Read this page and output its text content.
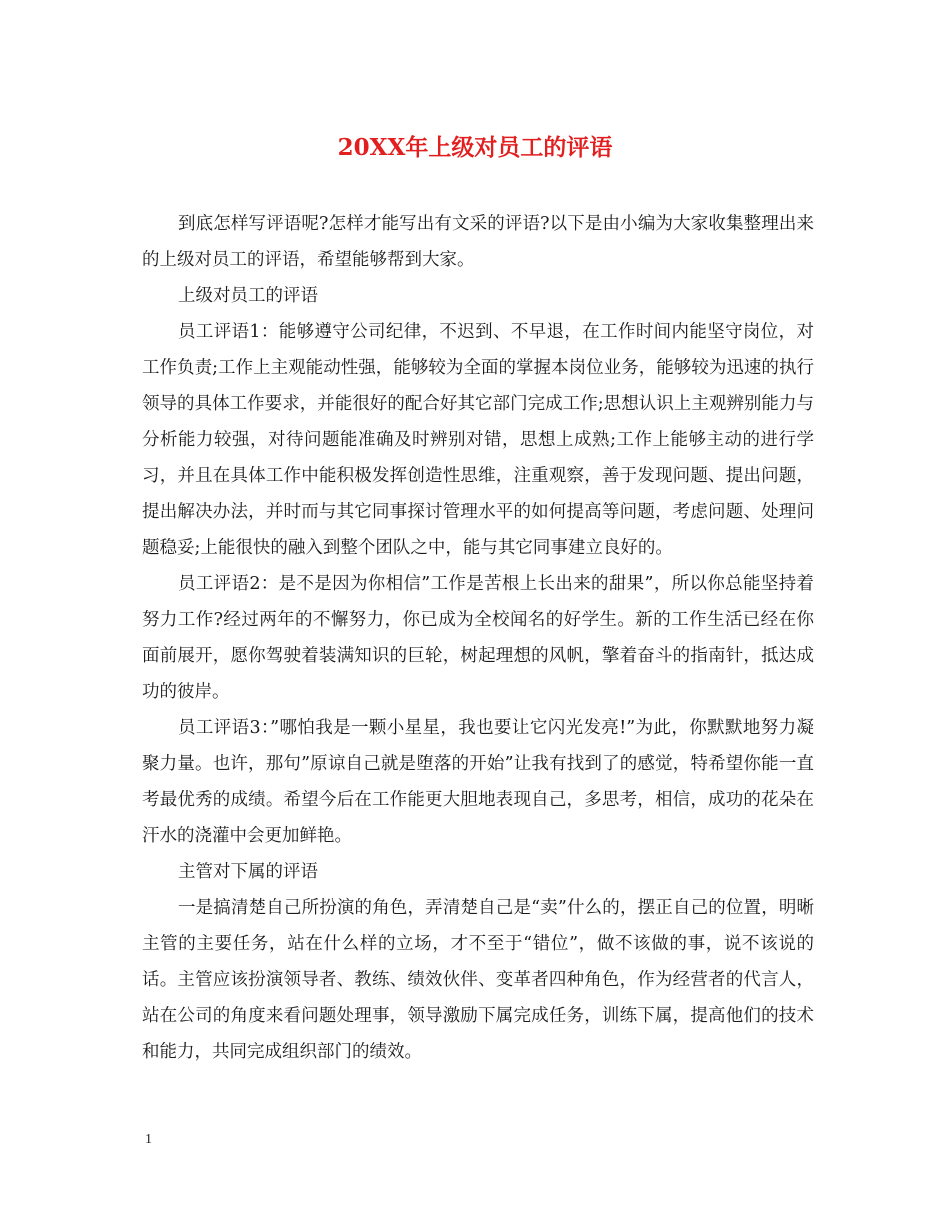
20XX年上级对员工的评语

到底怎样写评语呢?怎样才能写出有文采的评语?以下是由小编为大家收集整理出来的上级对员工的评语，希望能够帮到大家。

上级对员工的评语

员工评语1：能够遵守公司纪律，不迟到、不早退，在工作时间内能坚守岗位，对工作负责;工作上主观能动性强，能够较为全面的掌握本岗位业务，能够较为迅速的执行领导的具体工作要求，并能很好的配合好其它部门完成工作;思想认识上主观辨别能力与分析能力较强，对待问题能准确及时辨别对错，思想上成熟;工作上能够主动的进行学习，并且在具体工作中能积极发挥创造性思维，注重观察，善于发现问题、提出问题，提出解决办法，并时而与其它同事探讨管理水平的如何提高等问题，考虑问题、处理问题稳妥;上能很快的融入到整个团队之中，能与其它同事建立良好的。

员工评语2：是不是因为你相信”工作是苦根上长出来的甜果”，所以你总能坚持着努力工作?经过两年的不懈努力，你已成为全校闻名的好学生。新的工作生活已经在你面前展开，愿你驾驶着装满知识的巨轮，树起理想的风帆，擎着奋斗的指南针，抵达成功的彼岸。

员工评语3：”哪怕我是一颗小星星，我也要让它闪光发亮!”为此，你默默地努力凝聚力量。也许，那句”原谅自己就是堕落的开始”让我有找到了的感觉，特希望你能一直考最优秀的成绩。希望今后在工作能更大胆地表现自己，多思考，相信，成功的花朵在汗水的浇灌中会更加鲜艳。

主管对下属的评语

一是搞清楚自己所扮演的角色，弄清楚自己是“卖”什么的，摆正自己的位置，明晰主管的主要任务，站在什么样的立场，才不至于“错位”，做不该做的事，说不该说的话。主管应该扮演领导者、教练、绩效伙伴、变革者四种角色，作为经营者的代言人，站在公司的角度来看问题处理事，领导激励下属完成任务，训练下属，提高他们的技术和能力，共同完成组织部门的绩效。

1
